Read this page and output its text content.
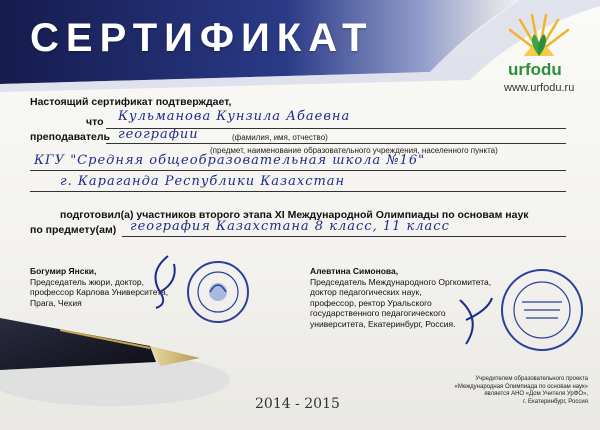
СЕРТИФИКАТ
urfodu
www.urfodu.ru
Настоящий сертификат подтверждает,
что Кульманова Кунзила Абаевна
(фамилия, имя, отчество)
преподаватель географии
(предмет, наименование образовательного учреждения, населенного пункта)
КГУ "Средняя общеобразовательная школа №16"
г. Караганда Республики Казахстан
подготовил(а) участников второго этапа XI Международной Олимпиады по основам наук
по предмету(ам) география Казахстана 8 класс, 11 класс
Богумир Янски,
Председатель жюри, доктор,
профессор Карлова Университета,
Прага, Чехия
Алевтина Симонова,
Председатель Международного Оргкомитета,
доктор педагогических наук,
профессор, ректор Уральского
государственного педагогического
университета, Екатеринбург, Россия.
2014 - 2015
Учредителем образовательного проекта
«Международная Олимпиада по основам наук»
является АНО «Дом Учителя УрФО»,
г. Екатеринбург, Россия
